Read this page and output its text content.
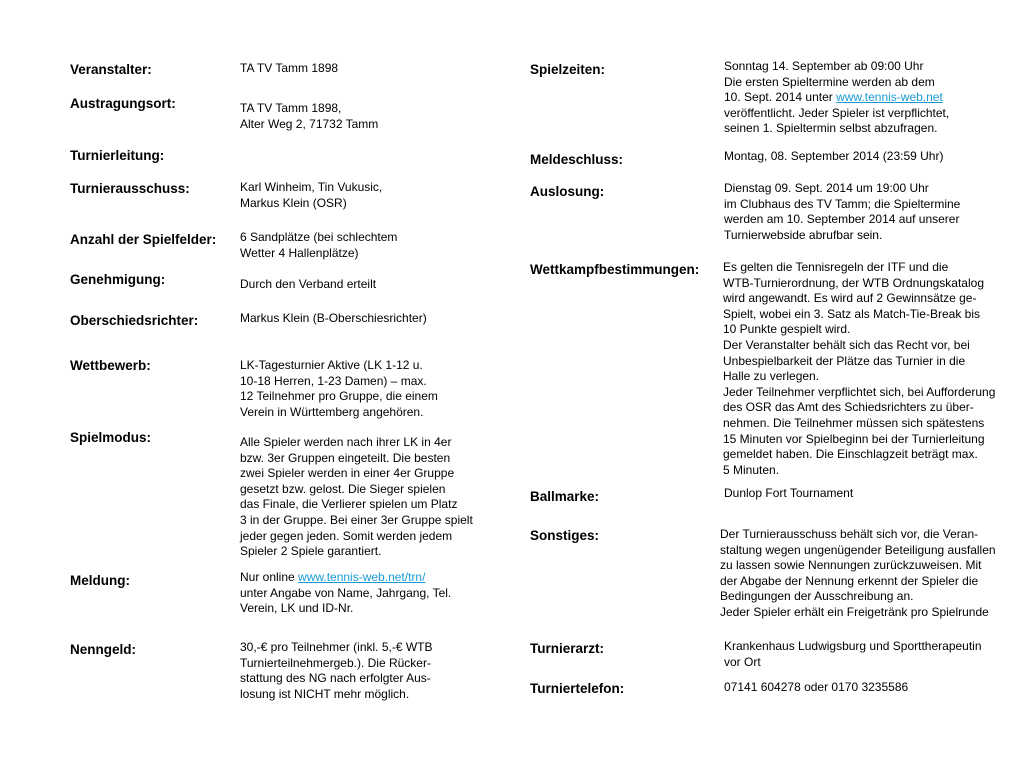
Veranstalter:	TA TV Tamm 1898
Austragungsort:	TA TV Tamm 1898,
Alter Weg 2, 71732 Tamm
Turnierleitung:
Turnierausschuss:	Karl Winheim, Tin Vukusic,
Markus Klein (OSR)
Anzahl der Spielfelder: 6 Sandplätze (bei schlechtem
Wetter 4 Hallenplätze)
Genehmigung:	Durch den Verband erteilt
Oberschiedsrichter:	Markus Klein (B-Oberschiesrichter)
Wettbewerb:	LK-Tagesturnier Aktive (LK 1-12 u.
10-18 Herren, 1-23 Damen) – max.
12 Teilnehmer pro Gruppe, die einem
Verein in Württemberg angehören.
Spielmodus:	Alle Spieler werden nach ihrer LK in 4er
bzw. 3er Gruppen eingeteilt. Die besten
zwei Spieler werden in einer 4er Gruppe
gesetzt bzw. gelost. Die Sieger spielen
das Finale, die Verlierer spielen um Platz
3 in der Gruppe. Bei einer 3er Gruppe spielt
jeder gegen jeden. Somit werden jedem
Spieler 2 Spiele garantiert.
Meldung:	Nur online www.tennis-web.net/trn/
unter Angabe von Name, Jahrgang, Tel.
Verein, LK und ID-Nr.
Nenngeld:	30,-€ pro Teilnehmer (inkl. 5,-€ WTB
Turnierteilnehmergeb.). Die Rücker-
stattung des NG nach erfolgter Aus-
losung ist NICHT mehr möglich.
Spielzeiten:	Sonntag 14. September ab 09:00 Uhr
Die ersten Spieltermine werden ab dem
10. Sept. 2014 unter www.tennis-web.net
veröffentlicht. Jeder Spieler ist verpflichtet,
seinen 1. Spieltermin selbst abzufragen.
Meldeschluss:	Montag, 08. September 2014 (23:59 Uhr)
Auslosung:	Dienstag 09. Sept. 2014 um 19:00 Uhr
im Clubhaus des TV Tamm; die Spieltermine
werden am 10. September 2014 auf unserer
Turnierwebside abrufbar sein.
Wettkampfbestimmungen: Es gelten die Tennisregeln der ITF und die
WTB-Turnierordnung, der WTB Ordnungskatalog
wird angewandt. Es wird auf 2 Gewinnsätze ge-
Spielt, wobei ein 3. Satz als Match-Tie-Break bis
10 Punkte gespielt wird.
Der Veranstalter behält sich das Recht vor, bei
Unbespielbarkeit der Plätze das Turnier in die
Halle zu verlegen.
Jeder Teilnehmer verpflichtet sich, bei Aufforderung
des OSR das Amt des Schiedsrichters zu über-
nehmen. Die Teilnehmer müssen sich spätestens
15 Minuten vor Spielbeginn bei der Turnierleitung
gemeldet haben. Die Einschlagzeit beträgt max.
5 Minuten.
Ballmarke:	Dunlop Fort Tournament
Sonstiges:	Der Turnierausschuss behält sich vor, die Veran-
staltung wegen ungenügender Beteiligung ausfallen
zu lassen sowie Nennungen zurückzuweisen. Mit
der Abgabe der Nennung erkennt der Spieler die
Bedingungen der Ausschreibung an.
Jeder Spieler erhält ein Freigetränk pro Spielrunde
Turnierarzt:	Krankenhaus Ludwigsburg und Sporttherapeutin
vor Ort
Turniertelefon:	07141 604278 oder 0170 3235586
